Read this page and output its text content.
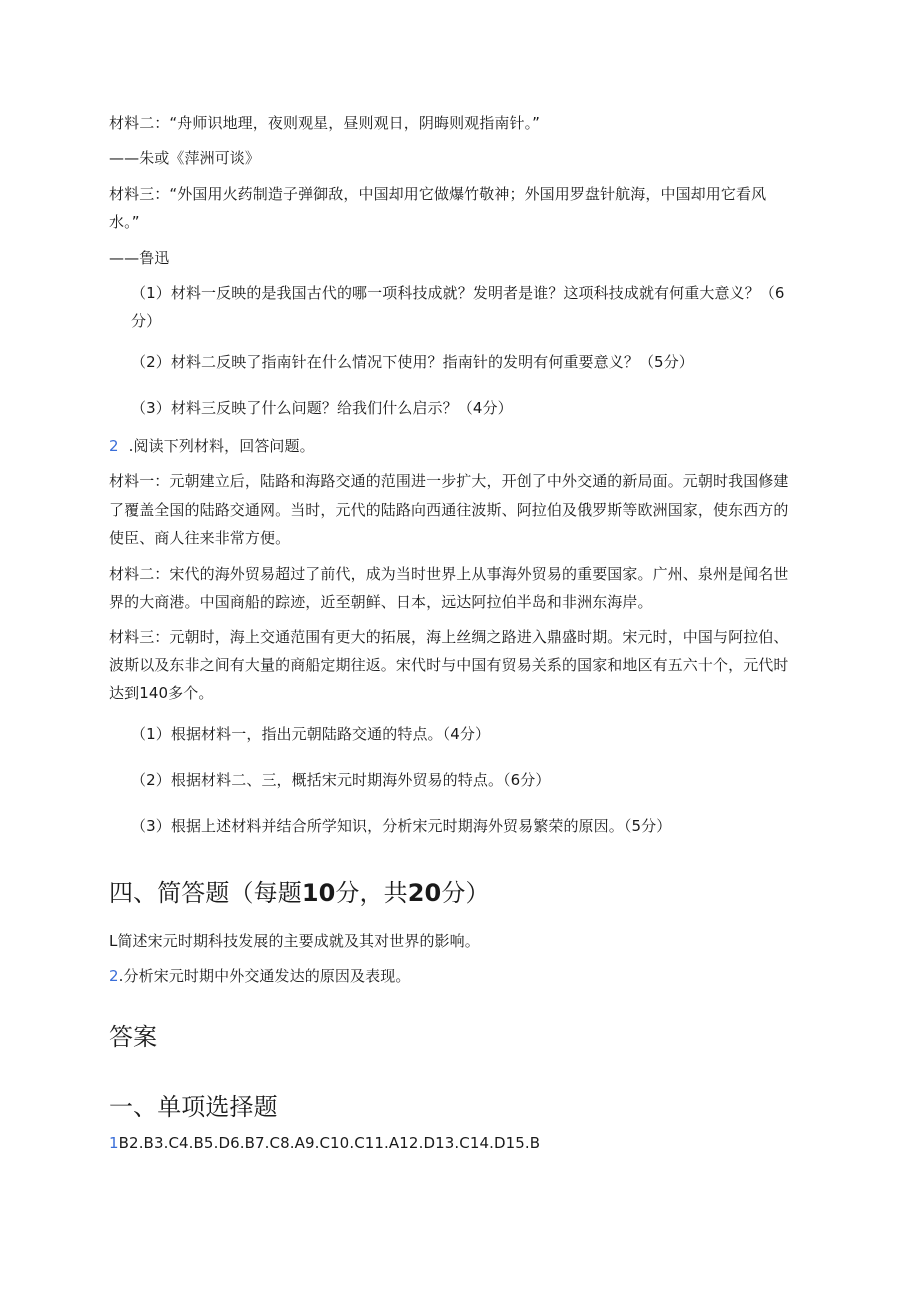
材料二：“舟师识地理，夜则观星，昼则观日，阴晦则观指南针。”
——朱或《萍洲可谈》
材料三：“外国用火药制造子弹御敌，中国却用它做爆竹敬神；外国用罗盘针航海，中国却用它看风
水。”
——鲁迅
（1）材料一反映的是我国古代的哪一项科技成就？发明者是谁？这项科技成就有何重大意义？（6
分）
（2）材料二反映了指南针在什么情况下使用？指南针的发明有何重要意义？（5分）
（3）材料三反映了什么问题？给我们什么启示？（4分）
2 .阅读下列材料，回答问题。
材料一：元朝建立后，陆路和海路交通的范围进一步扩大，开创了中外交通的新局面。元朝时我国修建
了覆盖全国的陆路交通网。当时，元代的陆路向西通往波斯、阿拉伯及俄罗斯等欧洲国家，使东西方的
使臣、商人往来非常方便。
材料二：宋代的海外贸易超过了前代，成为当时世界上从事海外贸易的重要国家。广州、泉州是闻名世
界的大商港。中国商船的踪迹，近至朝鲜、日本，远达阿拉伯半岛和非洲东海岸。
材料三：元朝时，海上交通范围有更大的拓展，海上丝绸之路进入鼎盛时期。宋元时，中国与阿拉伯、
波斯以及东非之间有大量的商船定期往返。宋代时与中国有贸易关系的国家和地区有五六十个，元代时
达到140多个。
（1）根据材料一，指出元朝陆路交通的特点。（4分）
（2）根据材料二、三，概括宋元时期海外贸易的特点。（6分）
（3）根据上述材料并结合所学知识，分析宋元时期海外贸易繁荣的原因。（5分）
四、简答题（每题10分，共20分）
L简述宋元时期科技发展的主要成就及其对世界的影响。
2.分析宋元时期中外交通发达的原因及表现。
答案
一、单项选择题
1B2.B3.C4.B5.D6.B7.C8.A9.C10.C11.A12.D13.C14.D15.B
